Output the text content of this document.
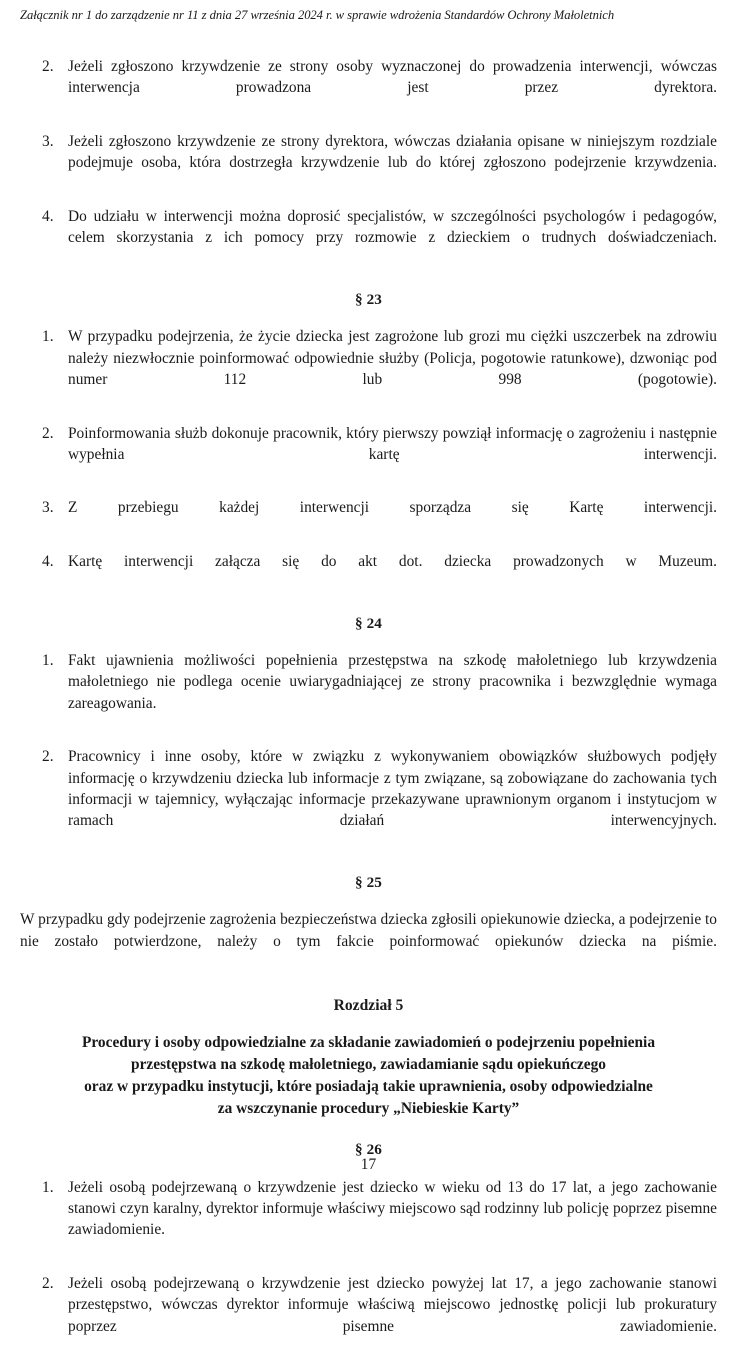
Załącznik nr 1 do zarządzenie nr 11 z dnia 27 września 2024 r. w sprawie wdrożenia Standardów Ochrony Małoletnich
2. Jeżeli zgłoszono krzywdzenie ze strony osoby wyznaczonej do prowadzenia interwencji, wówczas interwencja prowadzona jest przez dyrektora.
3. Jeżeli zgłoszono krzywdzenie ze strony dyrektora, wówczas działania opisane w niniejszym rozdziale podejmuje osoba, która dostrzegła krzywdzenie lub do której zgłoszono podejrzenie krzywdzenia.
4. Do udziału w interwencji można doprosić specjalistów, w szczególności psychologów i pedagogów, celem skorzystania z ich pomocy przy rozmowie z dzieckiem o trudnych doświadczeniach.
§ 23
1. W przypadku podejrzenia, że życie dziecka jest zagrożone lub grozi mu ciężki uszczerbek na zdrowiu należy niezwłocznie poinformować odpowiednie służby (Policja, pogotowie ratunkowe), dzwoniąc pod numer 112 lub 998 (pogotowie).
2. Poinformowania służb dokonuje pracownik, który pierwszy powziął informację o zagrożeniu i następnie wypełnia kartę interwencji.
3. Z przebiegu każdej interwencji sporządza się Kartę interwencji.
4. Kartę interwencji załącza się do akt dot. dziecka prowadzonych w Muzeum.
§ 24
1. Fakt ujawnienia możliwości popełnienia przestępstwa na szkodę małoletniego lub krzywdzenia małoletniego nie podlega ocenie uwiarygadniającej ze strony pracownika i bezwzględnie wymaga zareagowania.
2. Pracownicy i inne osoby, które w związku z wykonywaniem obowiązków służbowych podjęły informację o krzywdzeniu dziecka lub informacje z tym związane, są zobowiązane do zachowania tych informacji w tajemnicy, wyłączając informacje przekazywane uprawnionym organom i instytucjom w ramach działań interwencyjnych.
§ 25

W przypadku gdy podejrzenie zagrożenia bezpieczeństwa dziecka zgłosili opiekunowie dziecka, a podejrzenie to nie zostało potwierdzone, należy o tym fakcie poinformować opiekunów dziecka na piśmie.

Rozdział 5
Procedury i osoby odpowiedzialne za składanie zawiadomień o podejrzeniu popełnienia
przestępstwa na szkodę małoletniego, zawiadamianie sądu opiekuńczego
oraz w przypadku instytucji, które posiadają takie uprawnienia, osoby odpowiedzialne
za wszczynanie procedury „Niebieskie Karty”
§ 26
1. Jeżeli osobą podejrzewaną o krzywdzenie jest dziecko w wieku od 13 do 17 lat, a jego zachowanie stanowi czyn karalny, dyrektor informuje właściwy miejscowo sąd rodzinny lub policję poprzez pisemne zawiadomienie.
2. Jeżeli osobą podejrzewaną o krzywdzenie jest dziecko powyżej lat 17, a jego zachowanie stanowi przestępstwo, wówczas dyrektor informuje właściwą miejscowo jednostkę policji lub prokuratury poprzez pisemne zawiadomienie.
17
